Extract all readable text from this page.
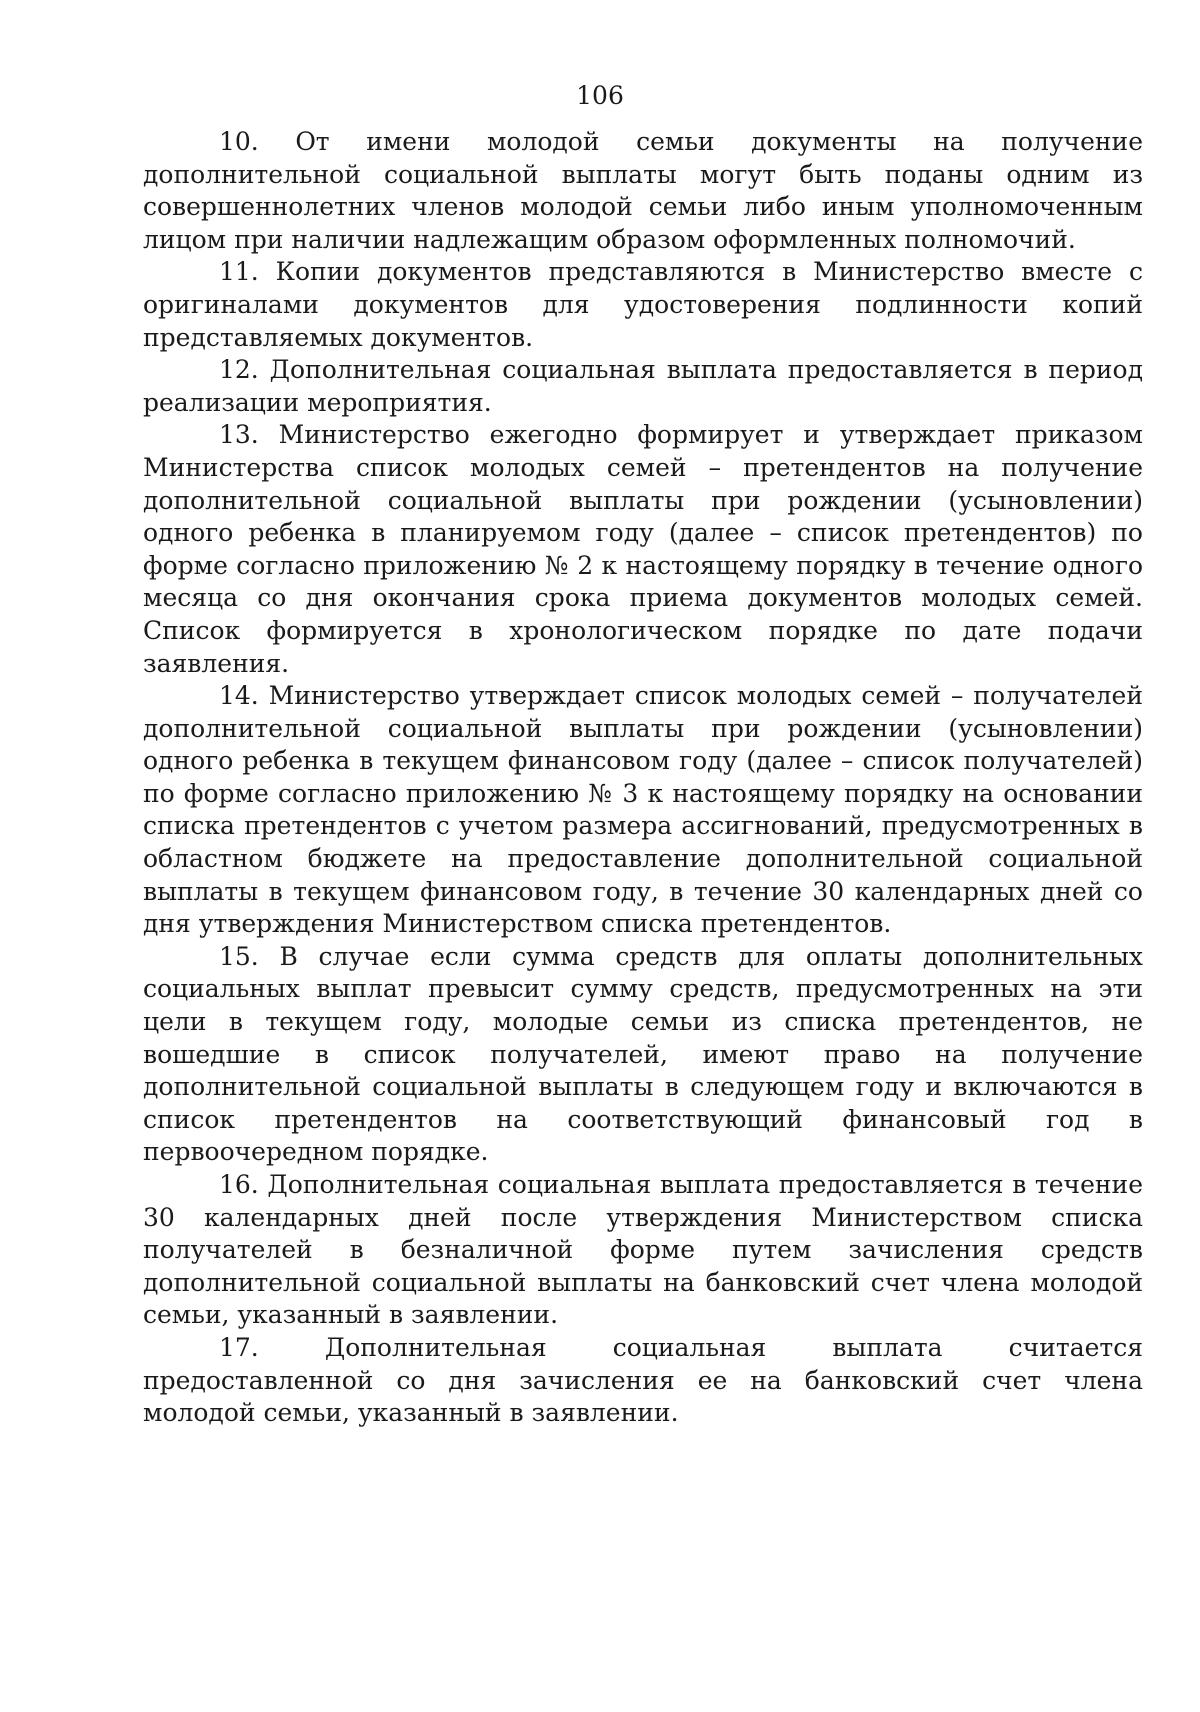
106

10. От имени молодой семьи документы на получение дополнительной социальной выплаты могут быть поданы одним из совершеннолетних членов молодой семьи либо иным уполномоченным лицом при наличии надлежащим образом оформленных полномочий.

11. Копии документов представляются в Министерство вместе с оригиналами документов для удостоверения подлинности копий представляемых документов.

12. Дополнительная социальная выплата предоставляется в период реализации мероприятия.

13. Министерство ежегодно формирует и утверждает приказом Министерства список молодых семей – претендентов на получение дополнительной социальной выплаты при рождении (усыновлении) одного ребенка в планируемом году (далее – список претендентов) по форме согласно приложению № 2 к настоящему порядку в течение одного месяца со дня окончания срока приема документов молодых семей. Список формируется в хронологическом порядке по дате подачи заявления.

14. Министерство утверждает список молодых семей – получателей дополнительной социальной выплаты при рождении (усыновлении) одного ребенка в текущем финансовом году (далее – список получателей) по форме согласно приложению № 3 к настоящему порядку на основании списка претендентов с учетом размера ассигнований, предусмотренных в областном бюджете на предоставление дополнительной социальной выплаты в текущем финансовом году, в течение 30 календарных дней со дня утверждения Министерством списка претендентов.

15. В случае если сумма средств для оплаты дополнительных социальных выплат превысит сумму средств, предусмотренных на эти цели в текущем году, молодые семьи из списка претендентов, не вошедшие в список получателей, имеют право на получение дополнительной социальной выплаты в следующем году и включаются в список претендентов на соответствующий финансовый год в первоочередном порядке.

16. Дополнительная социальная выплата предоставляется в течение 30 календарных дней после утверждения Министерством списка получателей в безналичной форме путем зачисления средств дополнительной социальной выплаты на банковский счет члена молодой семьи, указанный в заявлении.

17. Дополнительная социальная выплата считается предоставленной со дня зачисления ее на банковский счет члена молодой семьи, указанный в заявлении.
